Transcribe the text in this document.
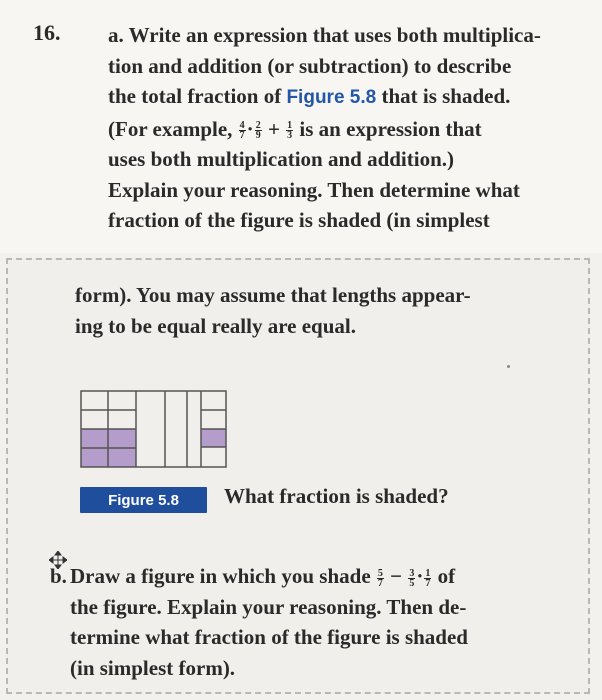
16. a. Write an expression that uses both multiplica-
tion and addition (or subtraction) to describe
the total fraction of Figure 5.8 that is shaded.
(For example, $\frac{4}{7} \cdot \frac{2}{9} + \frac{1}{3}$ is an expression that
uses both multiplication and addition.)
Explain your reasoning. Then determine what
fraction of the figure is shaded (in simplest
form). You may assume that lengths appear-
ing to be equal really are equal.
Figure 5.8	What fraction is shaded?
b. Draw a figure in which you shade $\frac{5}{7} - \frac{3}{5} \cdot \frac{1}{7}$ of
the figure. Explain your reasoning. Then de-
termine what fraction of the figure is shaded
(in simplest form).
